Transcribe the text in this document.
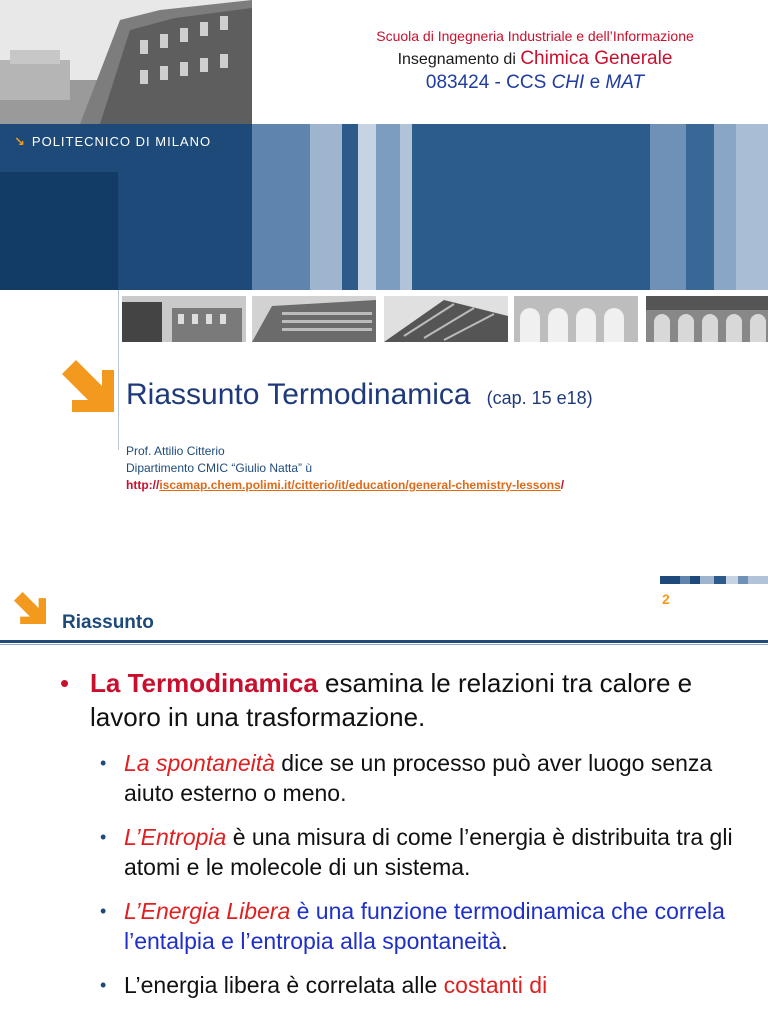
Scuola di Ingegneria Industriale e dell’Informazione
Insegnamento di Chimica Generale
083424 - CCS CHI e MAT
↘ POLITECNICO DI MILANO
Riassunto Termodinamica (cap. 15 e18)
Prof. Attilio Citterio
Dipartimento CMIC “Giulio Natta” ù
http://iscamap.chem.polimi.it/citterio/it/education/general-chemistry-lessons/
Riassunto
2
• La Termodinamica esamina le relazioni tra calore e lavoro in una trasformazione.
• La spontaneità dice se un processo può aver luogo senza aiuto esterno o meno.
• L’Entropia è una misura di come l’energia è distribuita tra gli atomi e le molecole di un sistema.
• L’Energia Libera è una funzione termodinamica che correla l’entalpia e l’entropia alla spontaneità.
• L’energia libera è correlata alle costanti di
